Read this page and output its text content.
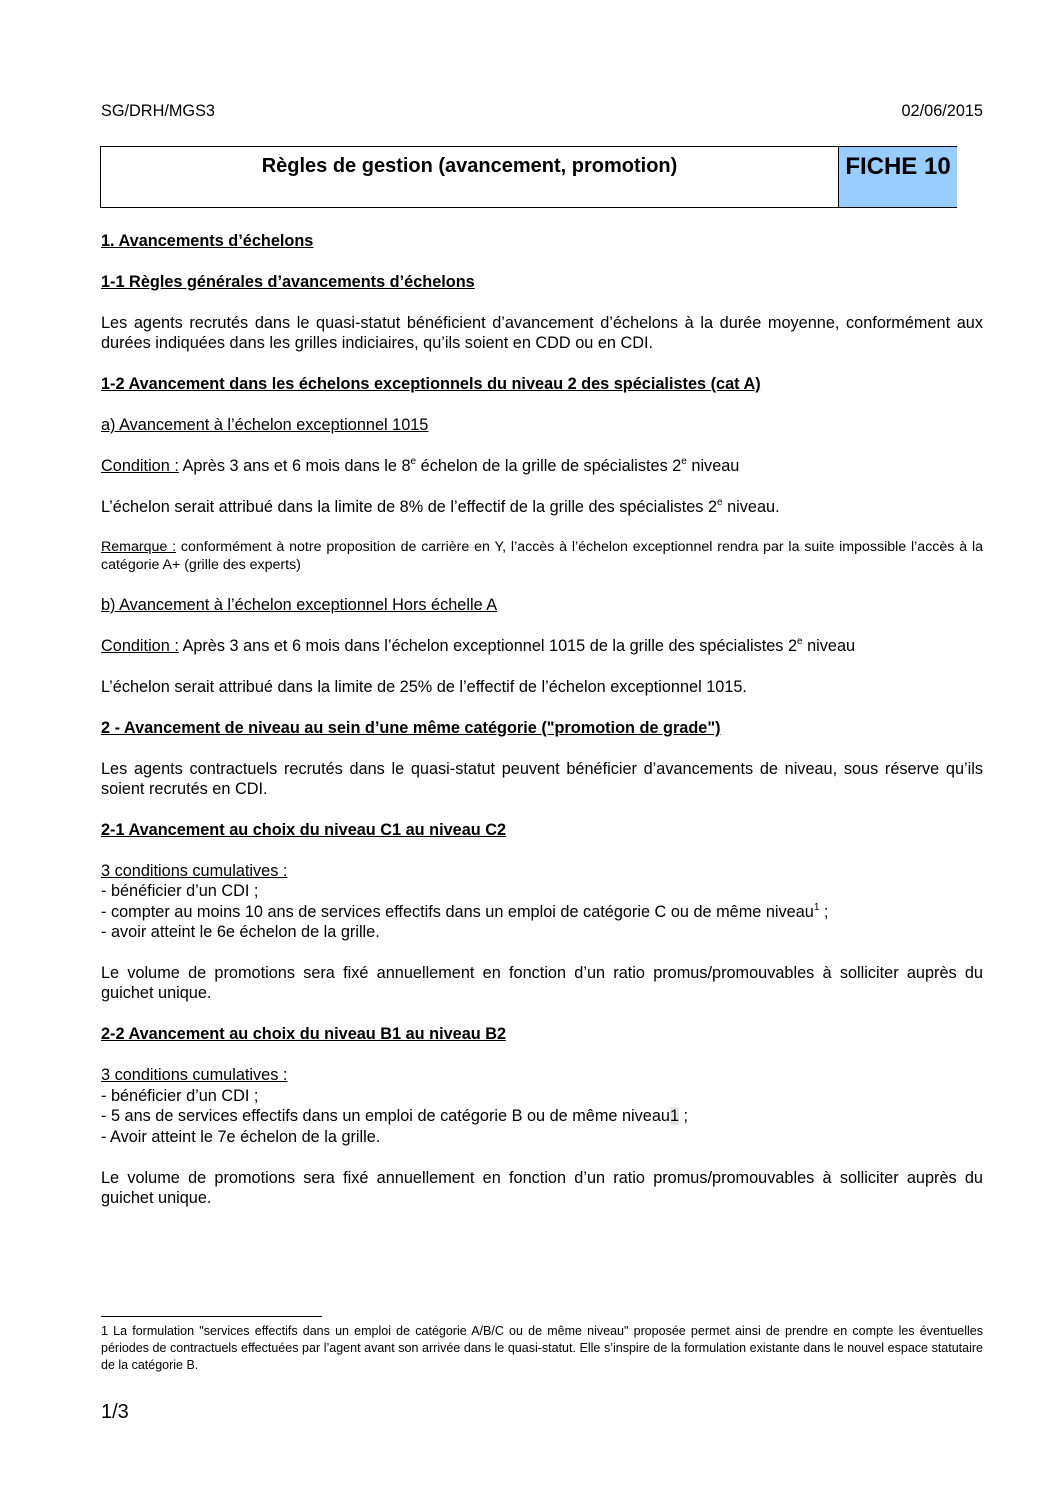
SG/DRH/MGS3	02/06/2015
Règles de gestion (avancement, promotion)	FICHE 10
1. Avancements d’échelons
1-1 Règles générales d’avancements d’échelons
Les agents recrutés dans le quasi-statut bénéficient d’avancement d’échelons à la durée moyenne, conformément aux durées indiquées dans les grilles indiciaires, qu’ils soient en CDD ou en CDI.
1-2 Avancement dans les échelons exceptionnels du niveau 2 des spécialistes (cat A)
a) Avancement à l’échelon exceptionnel 1015
Condition : Après 3 ans et 6 mois dans le 8e échelon de la grille de spécialistes 2e niveau
L’échelon serait attribué dans la limite de 8% de l’effectif de la grille des spécialistes 2e niveau.
Remarque : conformément à notre proposition de carrière en Y, l’accès à l’échelon exceptionnel rendra par la suite impossible l’accès à la catégorie A+ (grille des experts)
b) Avancement à l’échelon exceptionnel Hors échelle A
Condition : Après 3 ans et 6 mois dans l’échelon exceptionnel 1015 de la grille des spécialistes 2e niveau
L’échelon serait attribué dans la limite de 25% de l’effectif de l’échelon exceptionnel 1015.
2 - Avancement de niveau au sein d’une même catégorie ("promotion de grade")
Les agents contractuels recrutés dans le quasi-statut peuvent bénéficier d’avancements de niveau, sous réserve qu’ils soient recrutés en CDI.
2-1 Avancement au choix du niveau C1 au niveau C2
3 conditions cumulatives :
- bénéficier d’un CDI ;
- compter au moins 10 ans de services effectifs dans un emploi de catégorie C ou de même niveau$^1$ ;
- avoir atteint le 6e échelon de la grille.
Le volume de promotions sera fixé annuellement en fonction d’un ratio promus/promouvables à solliciter auprès du guichet unique.
2-2 Avancement au choix du niveau B1 au niveau B2
3 conditions cumulatives :
- bénéficier d’un CDI ;
- 5 ans de services effectifs dans un emploi de catégorie B ou de même niveau1 ;
- Avoir atteint le 7e échelon de la grille.
Le volume de promotions sera fixé annuellement en fonction d’un ratio promus/promouvables à solliciter auprès du guichet unique.
1 La formulation "services effectifs dans un emploi de catégorie A/B/C ou de même niveau" proposée permet ainsi de prendre en compte les éventuelles périodes de contractuels effectuées par l’agent avant son arrivée dans le quasi-statut. Elle s’inspire de la formulation existante dans le nouvel espace statutaire de la catégorie B.
1/3
